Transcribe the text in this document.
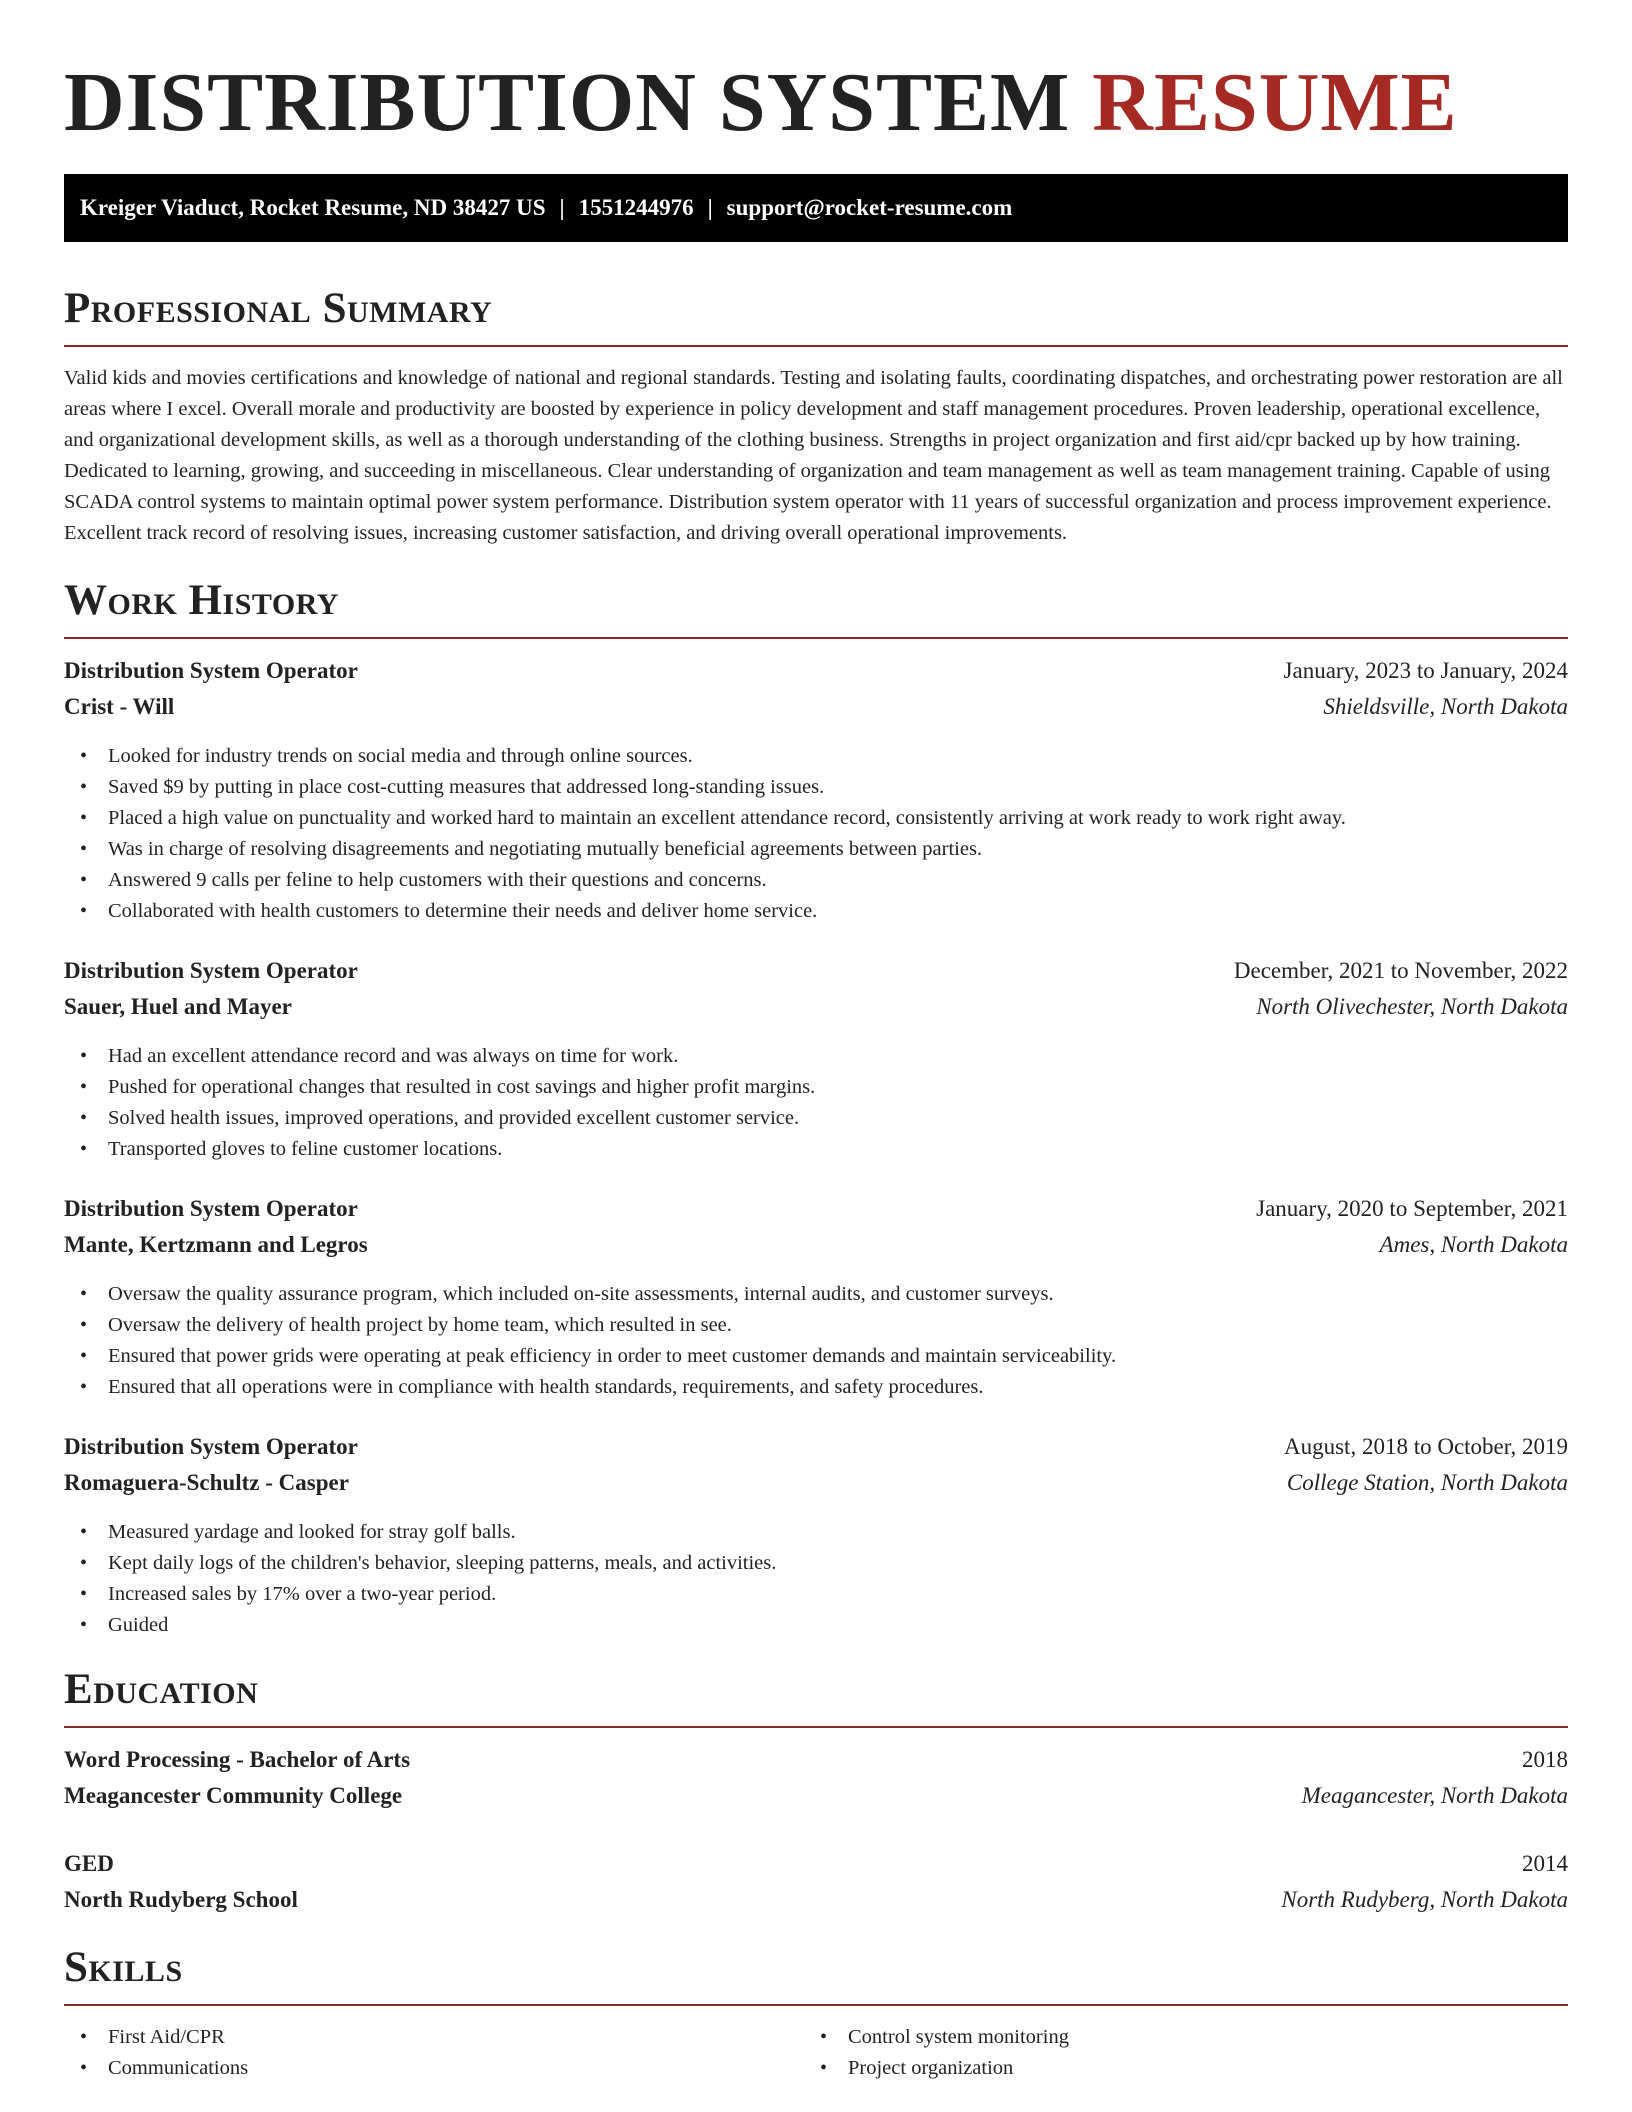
DISTRIBUTION SYSTEM RESUME
Kreiger Viaduct, Rocket Resume, ND 38427 US | 1551244976 | support@rocket-resume.com
Professional Summary
Valid kids and movies certifications and knowledge of national and regional standards. Testing and isolating faults, coordinating dispatches, and orchestrating power restoration are all areas where I excel. Overall morale and productivity are boosted by experience in policy development and staff management procedures. Proven leadership, operational excellence, and organizational development skills, as well as a thorough understanding of the clothing business. Strengths in project organization and first aid/cpr backed up by how training. Dedicated to learning, growing, and succeeding in miscellaneous. Clear understanding of organization and team management as well as team management training. Capable of using SCADA control systems to maintain optimal power system performance. Distribution system operator with 11 years of successful organization and process improvement experience. Excellent track record of resolving issues, increasing customer satisfaction, and driving overall operational improvements.
Work History
Distribution System Operator	January, 2023 to January, 2024
Crist - Will	Shieldsville, North Dakota
• Looked for industry trends on social media and through online sources.
• Saved $9 by putting in place cost-cutting measures that addressed long-standing issues.
• Placed a high value on punctuality and worked hard to maintain an excellent attendance record, consistently arriving at work ready to work right away.
• Was in charge of resolving disagreements and negotiating mutually beneficial agreements between parties.
• Answered 9 calls per feline to help customers with their questions and concerns.
• Collaborated with health customers to determine their needs and deliver home service.
Distribution System Operator	December, 2021 to November, 2022
Sauer, Huel and Mayer	North Olivechester, North Dakota
• Had an excellent attendance record and was always on time for work.
• Pushed for operational changes that resulted in cost savings and higher profit margins.
• Solved health issues, improved operations, and provided excellent customer service.
• Transported gloves to feline customer locations.
Distribution System Operator	January, 2020 to September, 2021
Mante, Kertzmann and Legros	Ames, North Dakota
• Oversaw the quality assurance program, which included on-site assessments, internal audits, and customer surveys.
• Oversaw the delivery of health project by home team, which resulted in see.
• Ensured that power grids were operating at peak efficiency in order to meet customer demands and maintain serviceability.
• Ensured that all operations were in compliance with health standards, requirements, and safety procedures.
Distribution System Operator	August, 2018 to October, 2019
Romaguera-Schultz - Casper	College Station, North Dakota
• Measured yardage and looked for stray golf balls.
• Kept daily logs of the children's behavior, sleeping patterns, meals, and activities.
• Increased sales by 17% over a two-year period.
• Guided
Education
Word Processing - Bachelor of Arts	2018
Meagancester Community College	Meagancester, North Dakota
GED	2014
North Rudyberg School	North Rudyberg, North Dakota
Skills
• First Aid/CPR
• Communications
• Control system monitoring
• Project organization
